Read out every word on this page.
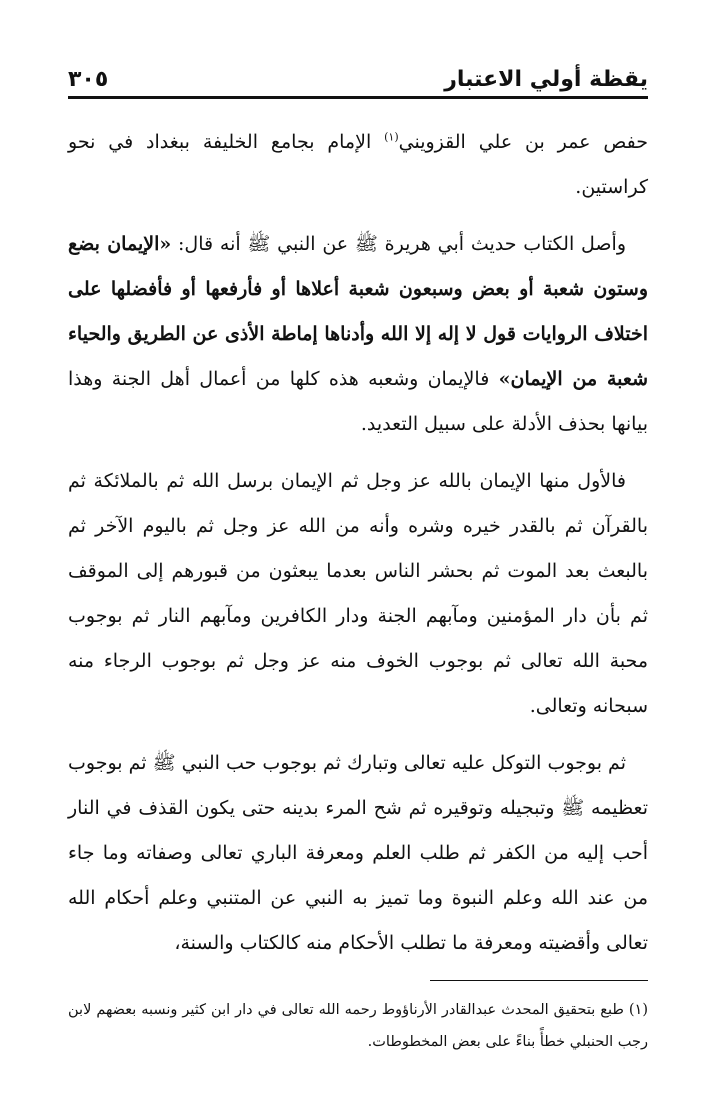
يقظة أولي الاعتبار
٣٠٥

حفص عمر بن علي القزويني$^{(١)}$ الإمام بجامع الخليفة ببغداد في نحو كراستين.

وأصل الكتاب حديث أبي هريرة ﷺ عن النبي ﷺ أنه قال: «الإيمان بضع وستون شعبة أو بعض وسبعون شعبة أعلاها أو فأرفعها أو فأفضلها على اختلاف الروايات قول لا إله إلا الله وأدناها إماطة الأذى عن الطريق والحياء شعبة من الإيمان» فالإيمان وشعبه هذه كلها من أعمال أهل الجنة وهذا بيانها بحذف الأدلة على سبيل التعديد.

فالأول منها الإيمان بالله عز وجل ثم الإيمان برسل الله ثم بالملائكة ثم بالقرآن ثم بالقدر خيره وشره وأنه من الله عز وجل ثم باليوم الآخر ثم بالبعث بعد الموت ثم بحشر الناس بعدما يبعثون من قبورهم إلى الموقف ثم بأن دار المؤمنين ومآبهم الجنة ودار الكافرين ومآبهم النار ثم بوجوب محبة الله تعالى ثم بوجوب الخوف منه عز وجل ثم بوجوب الرجاء منه سبحانه وتعالى.

ثم بوجوب التوكل عليه تعالى وتبارك ثم بوجوب حب النبي ﷺ ثم بوجوب تعظيمه ﷺ وتبجيله وتوقيره ثم شح المرء بدينه حتى يكون القذف في النار أحب إليه من الكفر ثم طلب العلم ومعرفة الباري تعالى وصفاته وما جاء من عند الله وعلم النبوة وما تميز به النبي عن المتنبي وعلم أحكام الله تعالى وأقضيته ومعرفة ما تطلب الأحكام منه كالكتاب والسنة،

(١) طبع بتحقيق المحدث عبدالقادر الأرناؤوط رحمه الله تعالى في دار ابن كثير ونسبه بعضهم لابن رجب الحنبلي خطأً بناءً على بعض المخطوطات.
